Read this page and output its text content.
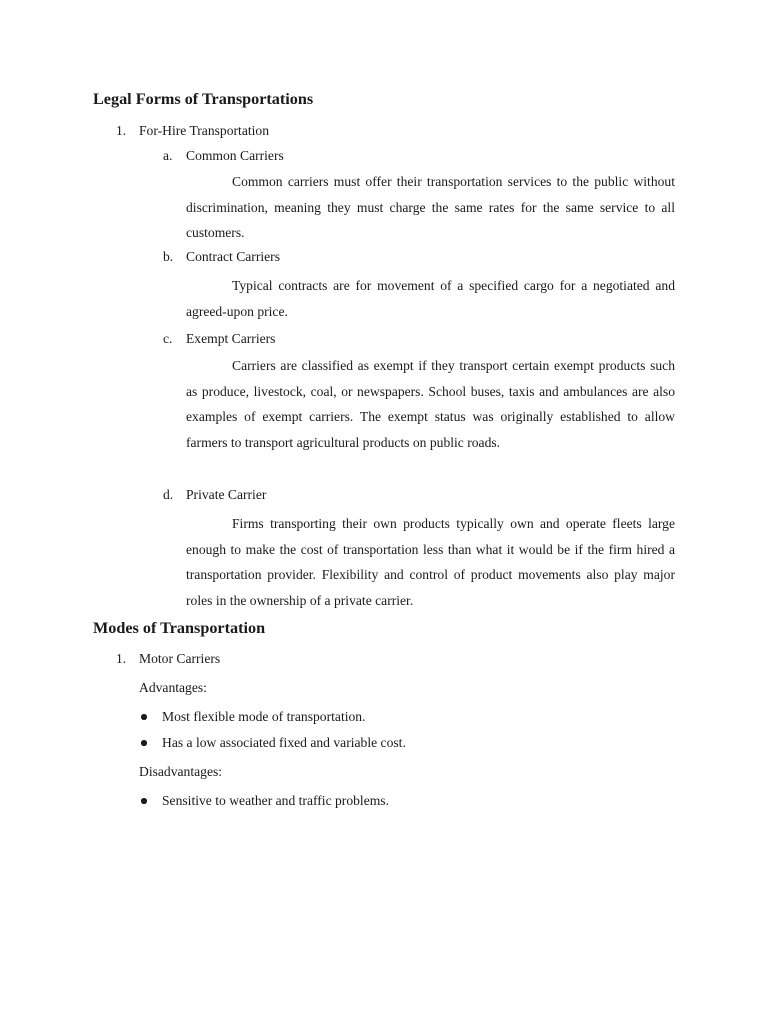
Legal Forms of Transportations
1. For-Hire Transportation
a. Common Carriers

Common carriers must offer their transportation services to the public without discrimination, meaning they must charge the same rates for the same service to all customers.

b. Contract Carriers

Typical contracts are for movement of a specified cargo for a negotiated and agreed-upon price.

c. Exempt Carriers

Carriers are classified as exempt if they transport certain exempt products such as produce, livestock, coal, or newspapers. School buses, taxis and ambulances are also examples of exempt carriers. The exempt status was originally established to allow farmers to transport agricultural products on public roads.

d. Private Carrier

Firms transporting their own products typically own and operate fleets large enough to make the cost of transportation less than what it would be if the firm hired a transportation provider. Flexibility and control of product movements also play major roles in the ownership of a private carrier.

Modes of Transportation
1. Motor Carriers
Advantages:
Most flexible mode of transportation.
Has a low associated fixed and variable cost.
Disadvantages:
Sensitive to weather and traffic problems.
